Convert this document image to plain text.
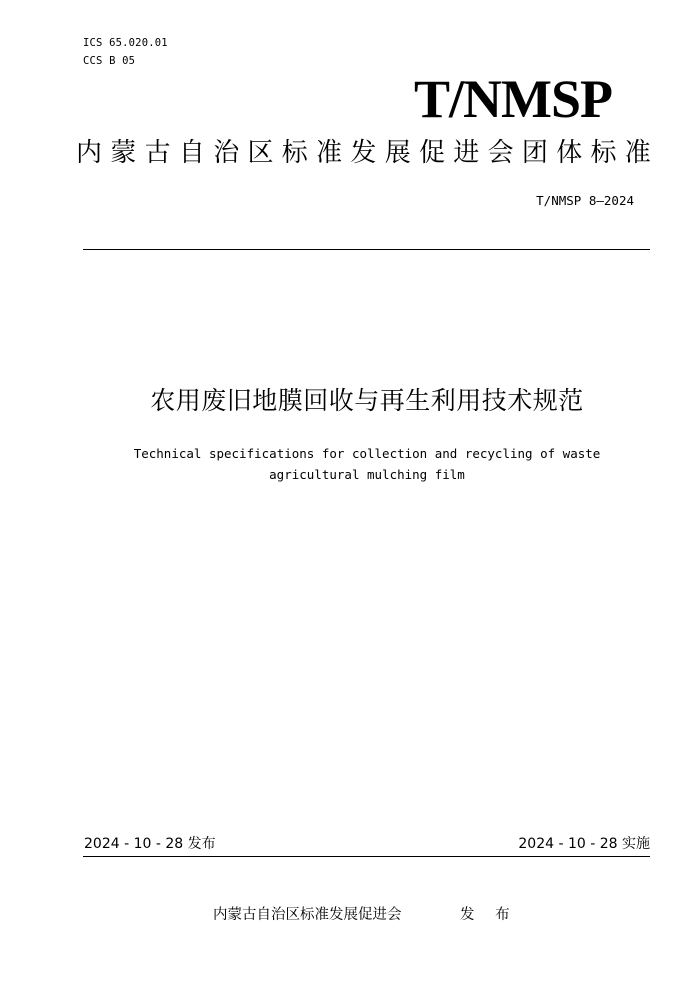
ICS 65.020.01
CCS B 05
T/NMSP
内蒙古自治区标准发展促进会团体标准
T/NMSP 8—2024
农用废旧地膜回收与再生利用技术规范
Technical specifications for collection and recycling of waste
agricultural mulching film
2024 - 10 - 28 发布	2024 - 10 - 28 实施
内蒙古自治区标准发展促进会	发 布
